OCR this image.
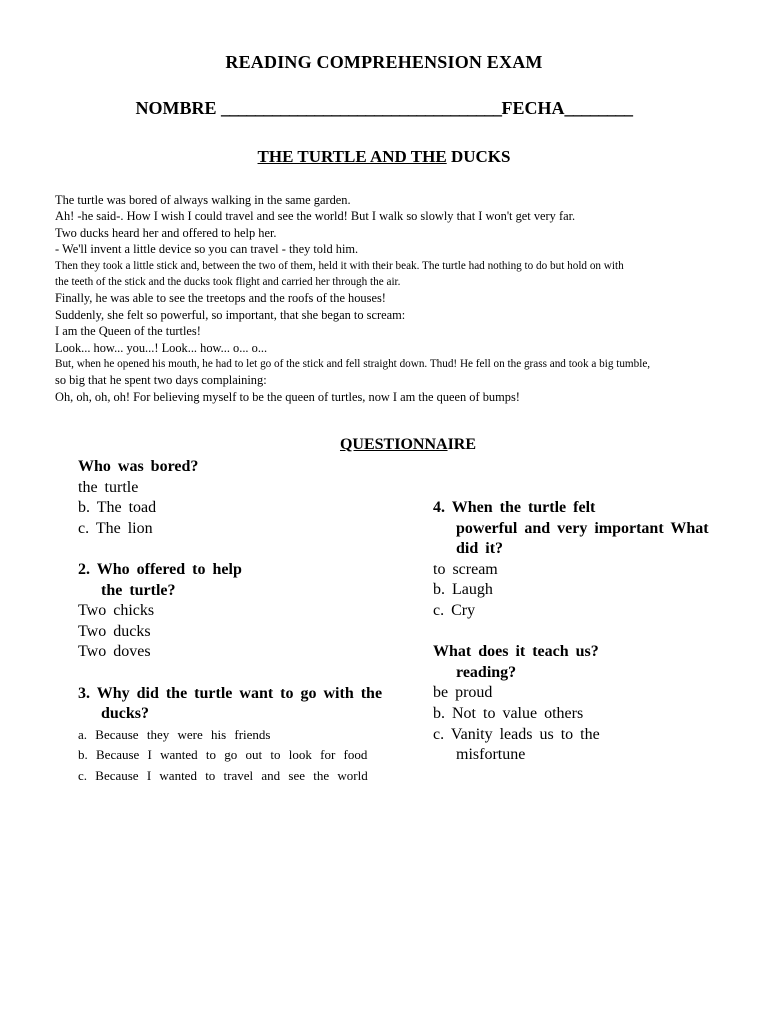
READING COMPREHENSION EXAM
NOMBRE _________________________________FECHA________
THE TURTLE AND THE DUCKS
The turtle was bored of always walking in the same garden.
Ah! -he said-. How I wish I could travel and see the world! But I walk so slowly that I won't get very far.
Two ducks heard her and offered to help her.
- We'll invent a little device so you can travel - they told him.
Then they took a little stick and, between the two of them, held it with their beak. The turtle had nothing to do but hold on with
the teeth of the stick and the ducks took flight and carried her through the air.
Finally, he was able to see the treetops and the roofs of the houses!
Suddenly, she felt so powerful, so important, that she began to scream:
I am the Queen of the turtles!
Look... how... you...! Look... how... o... o...
But, when he opened his mouth, he had to let go of the stick and fell straight down. Thud! He fell on the grass and took a big tumble,
so big that he spent two days complaining:
Oh, oh, oh, oh! For believing myself to be the queen of turtles, now I am the queen of bumps!
QUESTIONNAIRE
Who was bored?
the turtle
b. The toad
c. The lion

2. Who offered to help
the turtle?
Two chicks
Two ducks
Two doves

3. Why did the turtle want to go with the
ducks?
a. Because they were his friends
b. Because I wanted to go out to look for food
c. Because I wanted to travel and see the world
4. When the turtle felt
powerful and very important What
did it?
to scream
b. Laugh
c. Cry

What does it teach us?
reading?
be proud
b. Not to value others
c. Vanity leads us to the
misfortune
